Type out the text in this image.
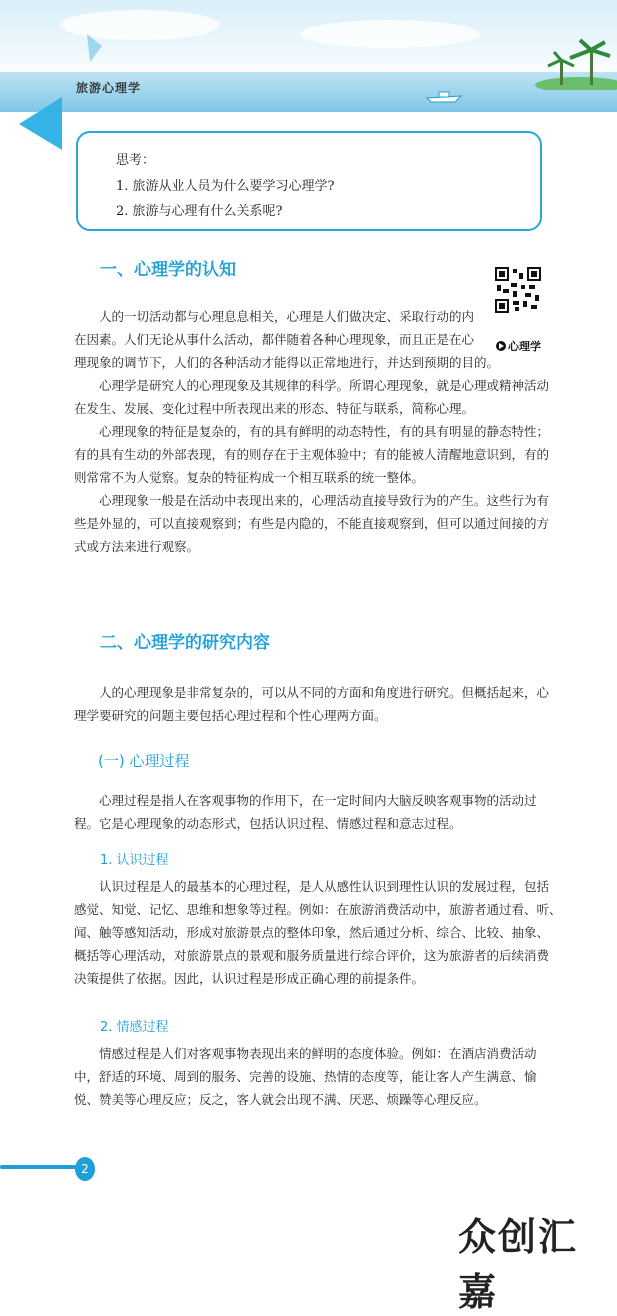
旅游心理学
思考：
1. 旅游从业人员为什么要学习心理学?
2. 旅游与心理有什么关系呢?
一、心理学的认知
心理学
人的一切活动都与心理息息相关，心理是人们做决定、采取行动的内
在因素。人们无论从事什么活动，都伴随着各种心理现象，而且正是在心
理现象的调节下，人们的各种活动才能得以正常地进行，并达到预期的目的。
心理学是研究人的心理现象及其规律的科学。所谓心理现象，就是心理或精神活动
在发生、发展、变化过程中所表现出来的形态、特征与联系，简称心理。
心理现象的特征是复杂的，有的具有鲜明的动态特性，有的具有明显的静态特性；
有的具有生动的外部表现，有的则存在于主观体验中；有的能被人清醒地意识到，有的
则常常不为人觉察。复杂的特征构成一个相互联系的统一整体。
心理现象一般是在活动中表现出来的，心理活动直接导致行为的产生。这些行为有
些是外显的，可以直接观察到；有些是内隐的，不能直接观察到，但可以通过间接的方
式或方法来进行观察。
二、心理学的研究内容
人的心理现象是非常复杂的，可以从不同的方面和角度进行研究。但概括起来，心
理学要研究的问题主要包括心理过程和个性心理两方面。
(一) 心理过程
心理过程是指人在客观事物的作用下，在一定时间内大脑反映客观事物的活动过
程。它是心理现象的动态形式，包括认识过程、情感过程和意志过程。
1. 认识过程
认识过程是人的最基本的心理过程，是人从感性认识到理性认识的发展过程，包括
感觉、知觉、记忆、思维和想象等过程。例如：在旅游消费活动中，旅游者通过看、听、
闻、触等感知活动，形成对旅游景点的整体印象，然后通过分析、综合、比较、抽象、
概括等心理活动，对旅游景点的景观和服务质量进行综合评价，这为旅游者的后续消费
决策提供了依据。因此，认识过程是形成正确心理的前提条件。
2. 情感过程
情感过程是人们对客观事物表现出来的鲜明的态度体验。例如：在酒店消费活动
中，舒适的环境、周到的服务、完善的设施、热情的态度等，能让客人产生满意、愉
悦、赞美等心理反应；反之，客人就会出现不满、厌恶、烦躁等心理反应。
2
众创汇嘉
